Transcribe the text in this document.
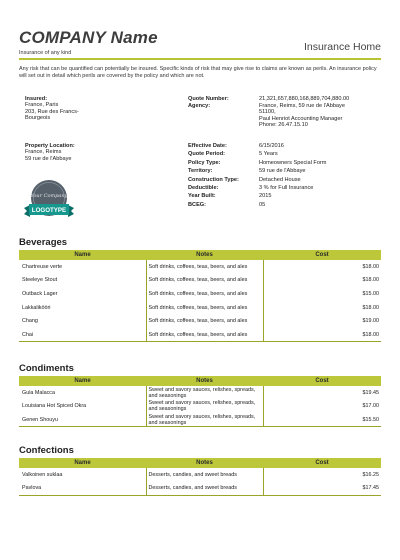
COMPANY Name
Insurance of any kind	Insurance Home
Any risk that can be quantified can potentially be insured. Specific kinds of risk that may give rise to claims are known as perils. An insurance policy will set out in detail which perils are covered by the policy and which are not.
Insured:
France, Paris
203, Rue des Francs-
Bourgeois
Quote Number:	21,321,657,880,168,889,704,880.00
Agency:	France, Reims, 59 rue de l'Abbaye
51100,
Paul Henriot Accounting Manager
Phone: 26.47.15.10
Property Location:
France, Reims
59 rue de l'Abbaye
Effective Date:	6/15/2016
Quote Period:	5 Years
Policy Type:	Homeowners Special Form
Territory:	59 rue de l'Abbaye
Construction Type:	Detached House
Deductible:	3 % for Full Insurance
Year Built:	2015
BCEG:	05
Your Company
LOGOTYPE
Beverages
Name	Notes	Cost
Chartreuse verte	Soft drinks, coffees, teas, beers, and ales	$18.00
Steeleye Stout	Soft drinks, coffees, teas, beers, and ales	$18.00
Outback Lager	Soft drinks, coffees, teas, beers, and ales	$15.00
Lakkalikööri	Soft drinks, coffees, teas, beers, and ales	$18.00
Chang	Soft drinks, coffees, teas, beers, and ales	$19.00
Chai	Soft drinks, coffees, teas, beers, and ales	$18.00
Condiments
Name	Notes	Cost
Gula Malacca	Sweet and savory sauces, relishes, spreads, and seasonings	$19.45
Louisiana Hot Spiced Okra	Sweet and savory sauces, relishes, spreads, and seasonings	$17.00
Genen Shouyu	Sweet and savory sauces, relishes, spreads, and seasonings	$15.50
Confections
Name	Notes	Cost
Valkoinen suklaa	Desserts, candies, and sweet breads	$16.25
Pavlova	Desserts, candies, and sweet breads	$17.45
